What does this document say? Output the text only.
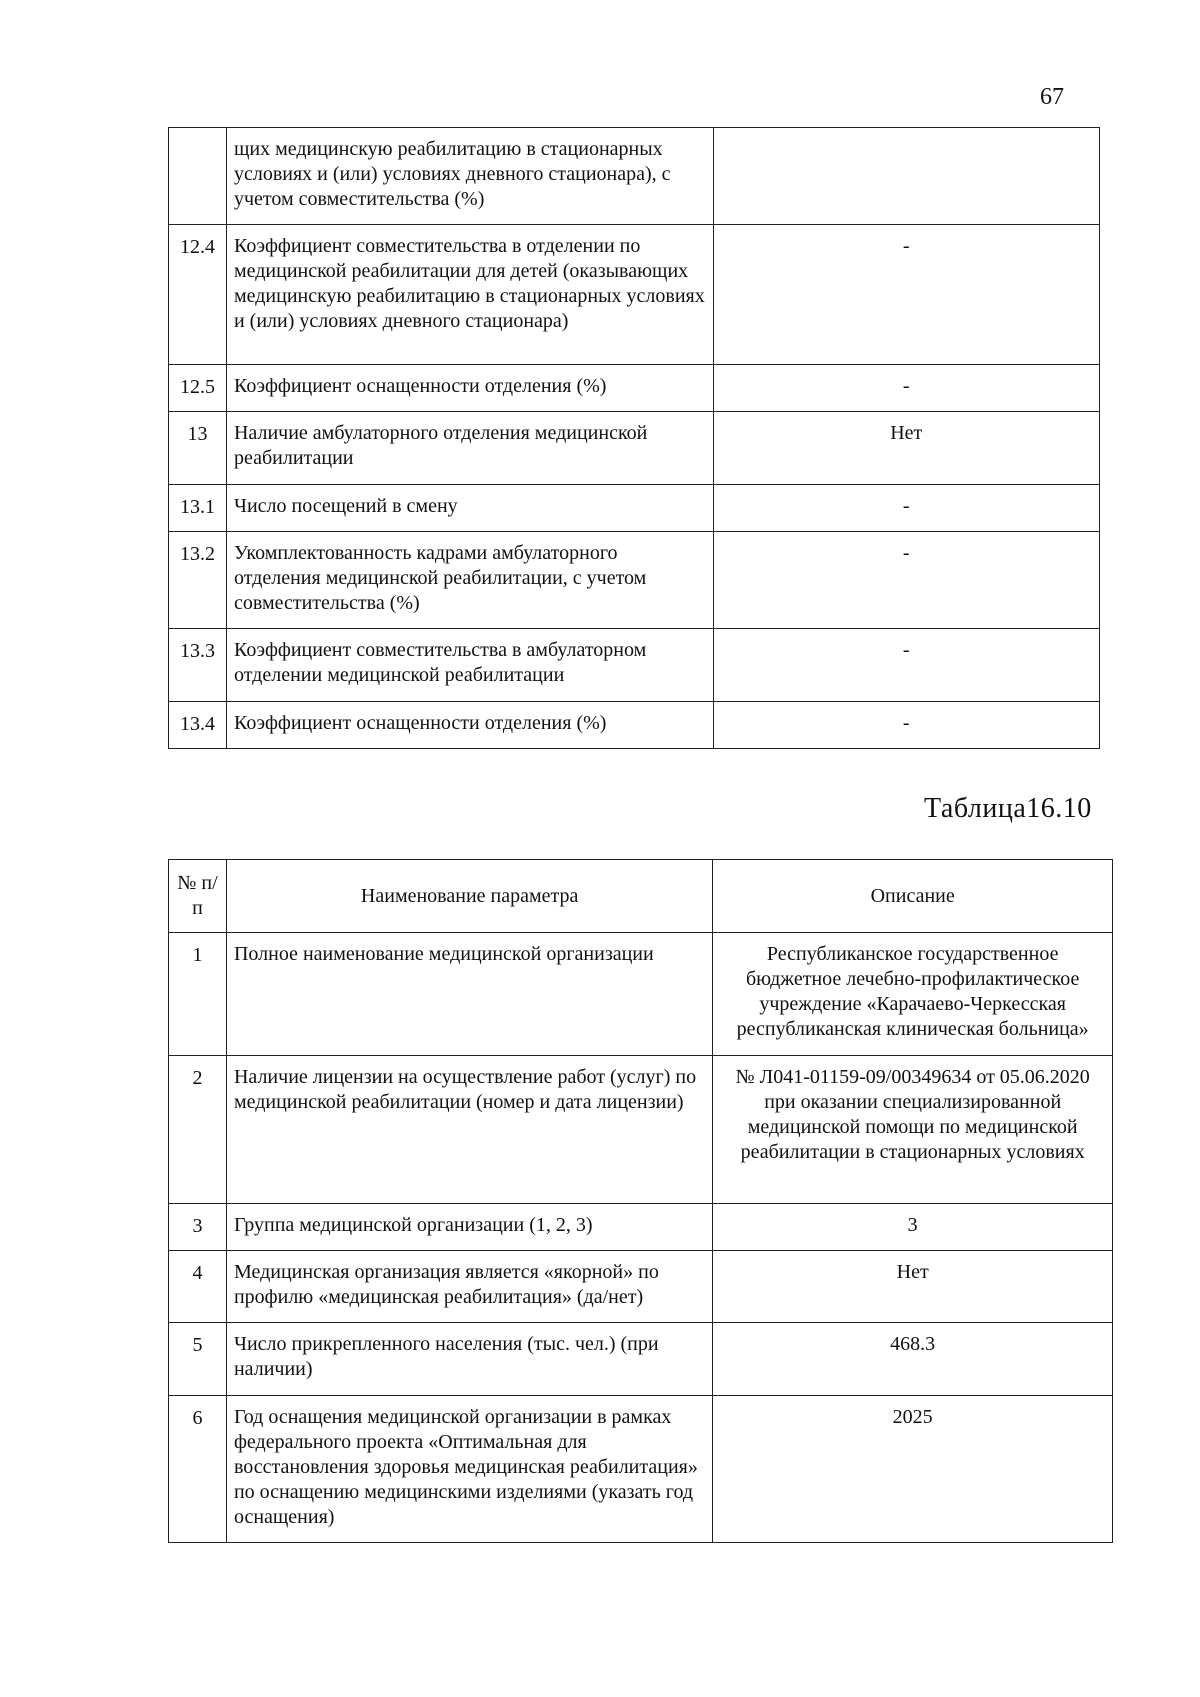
67
	щих медицинскую реабилитацию в стационарных условиях и (или) условиях дневного стационара), с учетом совместительства (%)	
12.4	Коэффициент совместительства в отделении по медицинской реабилитации для детей (оказывающих медицинскую реабилитацию в стационарных условиях и (или) условиях дневного стационара)	-
12.5	Коэффициент оснащенности отделения (%)	-
13	Наличие амбулаторного отделения медицинской реабилитации	Нет
13.1	Число посещений в смену	-
13.2	Укомплектованность кадрами амбулаторного отделения медицинской реабилитации, с учетом совместительства (%)	-
13.3	Коэффициент совместительства в амбулаторном отделении медицинской реабилитации	-
13.4	Коэффициент оснащенности отделения (%)	-
Таблица16.10
№ п/п	Наименование параметра	Описание
1	Полное наименование медицинской организации	Республиканское государственное бюджетное лечебно-профилактическое учреждение «Карачаево-Черкесская республиканская клиническая больница»
2	Наличие лицензии на осуществление работ (услуг) по медицинской реабилитации (номер и дата лицензии)	№ Л041-01159-09/00349634 от 05.06.2020 при оказании специализированной медицинской помощи по медицинской реабилитации в стационарных условиях
3	Группа медицинской организации (1, 2, 3)	3
4	Медицинская организация является «якорной» по профилю «медицинская реабилитация» (да/нет)	Нет
5	Число прикрепленного населения (тыс. чел.) (при наличии)	468.3
6	Год оснащения медицинской организации в рамках федерального проекта «Оптимальная для восстановления здоровья медицинская реабилитация» по оснащению медицинскими изделиями (указать год оснащения)	2025
